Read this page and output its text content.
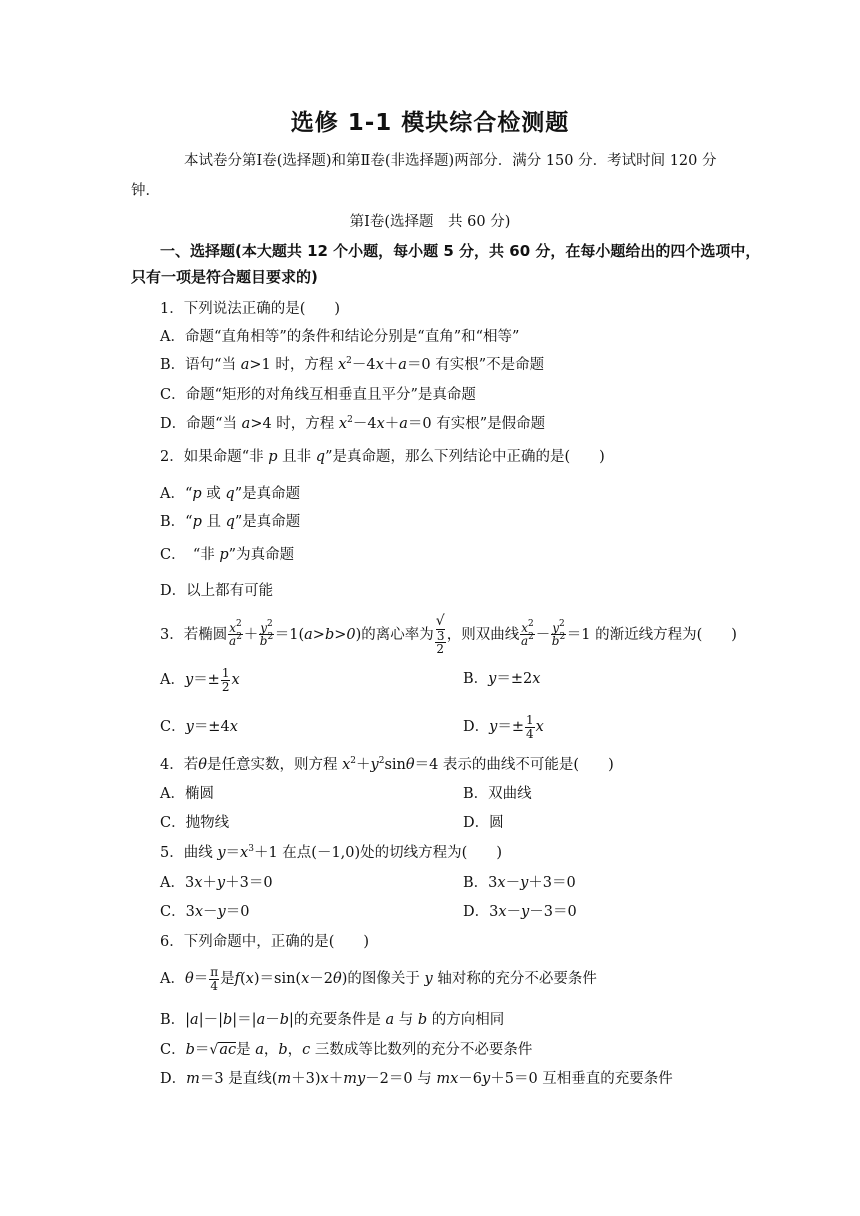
选修 1-1 模块综合检测题
本试卷分第Ⅰ卷(选择题)和第Ⅱ卷(非选择题)两部分．满分 150 分．考试时间 120 分
钟．
第Ⅰ卷(选择题　共 60 分)
一、选择题(本大题共 12 个小题，每小题 5 分，共 60 分，在每小题给出的四个选项中，
只有一项是符合题目要求的)
1．下列说法正确的是(　　)
A．命题“直角相等”的条件和结论分别是“直角”和“相等”
B．语句“当 a>1 时，方程 $x^2-4x+a=0$ 有实根”不是命题
C．命题“矩形的对角线互相垂直且平分”是真命题
D．命题“当 a>4 时，方程 $x^2-4x+a=0$ 有实根”是假命题
2．如果命题“非 p 且非 q”是真命题，那么下列结论中正确的是(　　)
A．“p 或 q”是真命题
B．“p 且 q”是真命题
C．　“非 p”为真命题
D．以上都有可能
3．若椭圆 $\frac{x^2}{a^2} + \frac{y^2}{b^2} =1(a>b>0)$的离心率为 √
3
2 ，则双曲线 $\frac{x^2}{a^2} - \frac{y^2}{b^2} =1$ 的渐近线方程为(　　)
A．$y=\pm \frac{1}{2}$ x	B．y＝±2x
C．y＝±4x	D．$y=\pm \frac{1}{4}$ x
4．若θ是任意实数，则方程 $x^2+y^2\sin\theta=4$ 表示的曲线不可能是(　　)
A．椭圆	B．双曲线
C．抛物线	D．圆
5．曲线 $y=x^3+1$ 在点(－1,0)处的切线方程为(　　)
A．3x＋y＋3＝0	B．3x－y＋3＝0
C．3x－y＝0	D．3x－y－3＝0
6．下列命题中，正确的是(　　)
A．$\theta= \frac{\pi}{4}$ 是f(x)＝sin(x－2θ)的图像关于 y 轴对称的充分不必要条件
B．|a|－|b|＝|a－b|的充要条件是 a 与 b 的方向相同
C．b＝√ac是 a，b，c 三数成等比数列的充分不必要条件
D．m＝3 是直线(m＋3)x＋my－2＝0 与 mx－6y＋5＝0 互相垂直的充要条件
